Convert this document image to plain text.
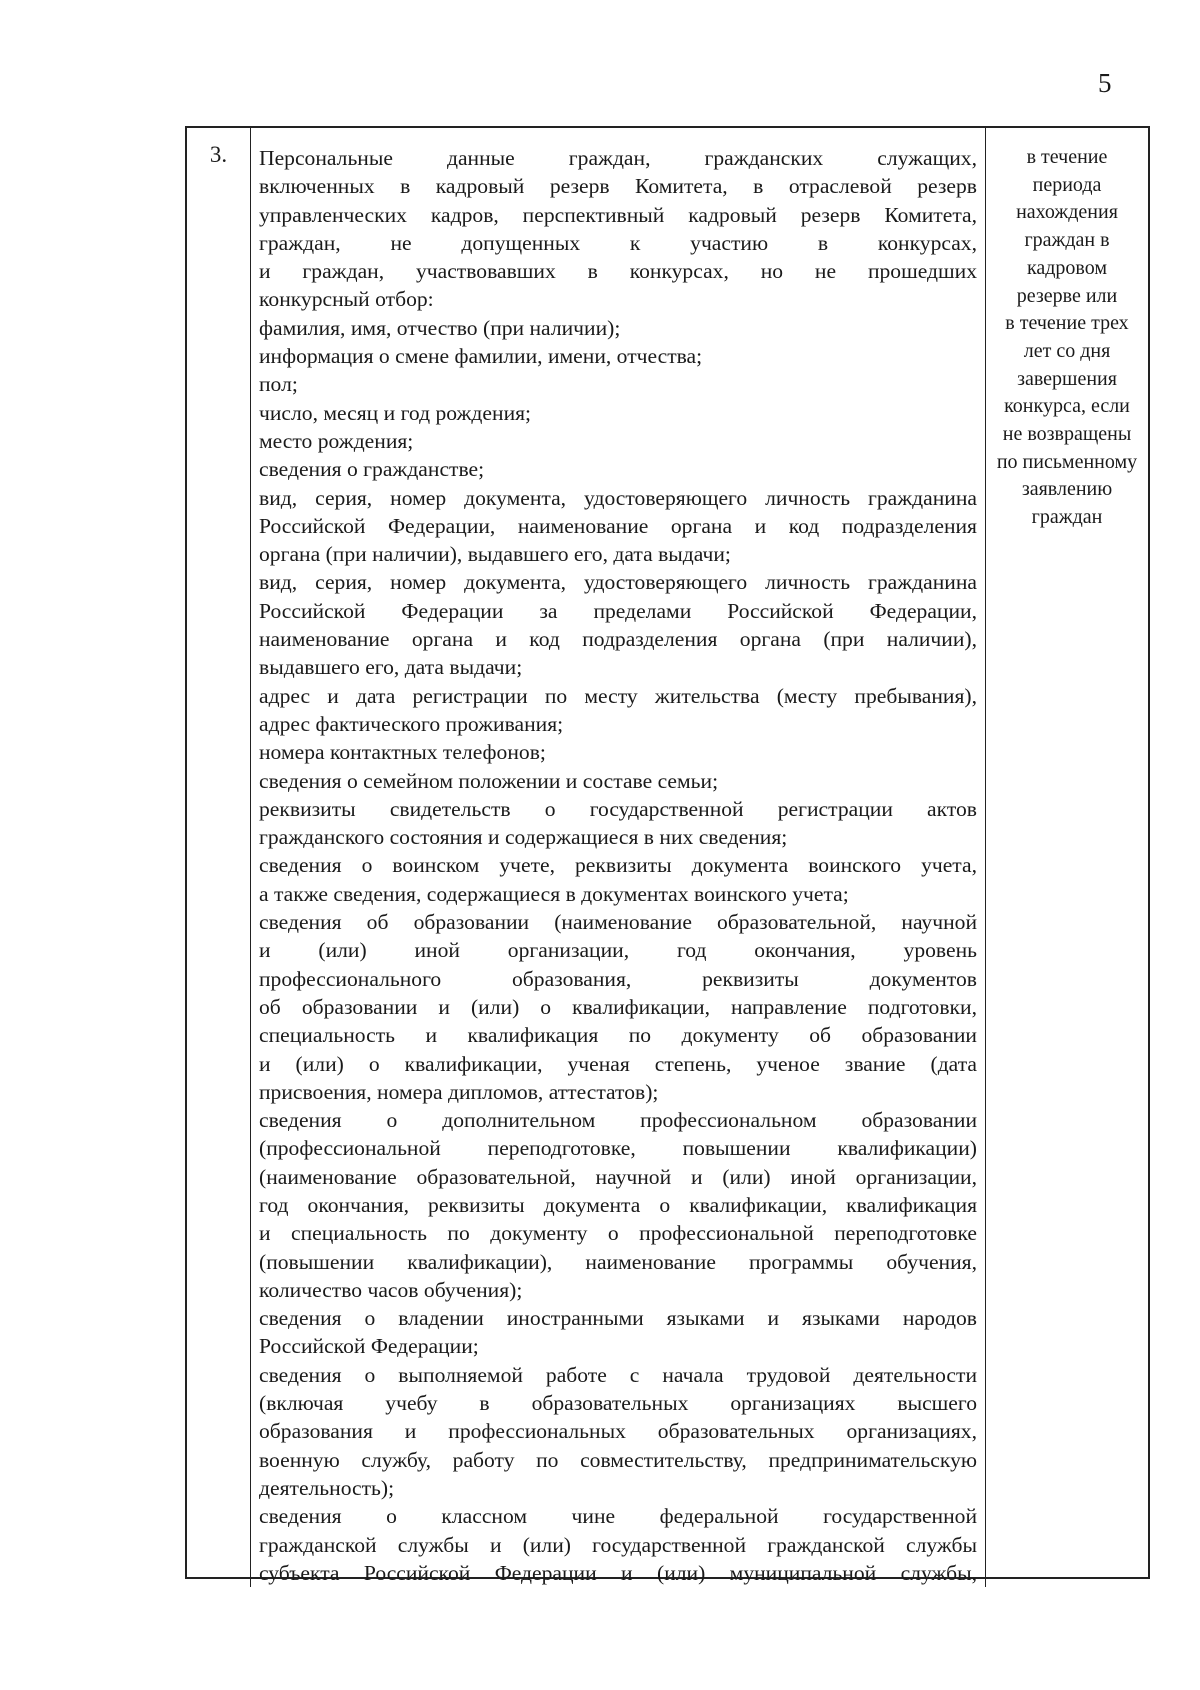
5
3.	Персональные данные граждан, гражданских служащих,
включенных в кадровый резерв Комитета, в отраслевой резерв
управленческих кадров, перспективный кадровый резерв Комитета,
граждан, не допущенных к участию в конкурсах,
и граждан, участвовавших в конкурсах, но не прошедших
конкурсный отбор:
фамилия, имя, отчество (при наличии);
информация о смене фамилии, имени, отчества;
пол;
число, месяц и год рождения;
место рождения;
сведения о гражданстве;
вид, серия, номер документа, удостоверяющего личность гражданина
Российской Федерации, наименование органа и код подразделения
органа (при наличии), выдавшего его, дата выдачи;
вид, серия, номер документа, удостоверяющего личность гражданина
Российской Федерации за пределами Российской Федерации,
наименование органа и код подразделения органа (при наличии),
выдавшего его, дата выдачи;
адрес и дата регистрации по месту жительства (месту пребывания),
адрес фактического проживания;
номера контактных телефонов;
сведения о семейном положении и составе семьи;
реквизиты свидетельств о государственной регистрации актов
гражданского состояния и содержащиеся в них сведения;
сведения о воинском учете, реквизиты документа воинского учета,
а также сведения, содержащиеся в документах воинского учета;
сведения об образовании (наименование образовательной, научной
и (или) иной организации, год окончания, уровень
профессионального образования, реквизиты документов
об образовании и (или) о квалификации, направление подготовки,
специальность и квалификация по документу об образовании
и (или) о квалификации, ученая степень, ученое звание (дата
присвоения, номера дипломов, аттестатов);
сведения о дополнительном профессиональном образовании
(профессиональной переподготовке, повышении квалификации)
(наименование образовательной, научной и (или) иной организации,
год окончания, реквизиты документа о квалификации, квалификация
и специальность по документу о профессиональной переподготовке
(повышении квалификации), наименование программы обучения,
количество часов обучения);
сведения о владении иностранными языками и языками народов
Российской Федерации;
сведения о выполняемой работе с начала трудовой деятельности
(включая учебу в образовательных организациях высшего
образования и профессиональных образовательных организациях,
военную службу, работу по совместительству, предпринимательскую
деятельность);
сведения о классном чине федеральной государственной
гражданской службы и (или) государственной гражданской службы
субъекта Российской Федерации и (или) муниципальной службы,
в течение
периода
нахождения
граждан в
кадровом
резерве или
в течение трех
лет со дня
завершения
конкурса, если
не возвращены
по письменному
заявлению
граждан
